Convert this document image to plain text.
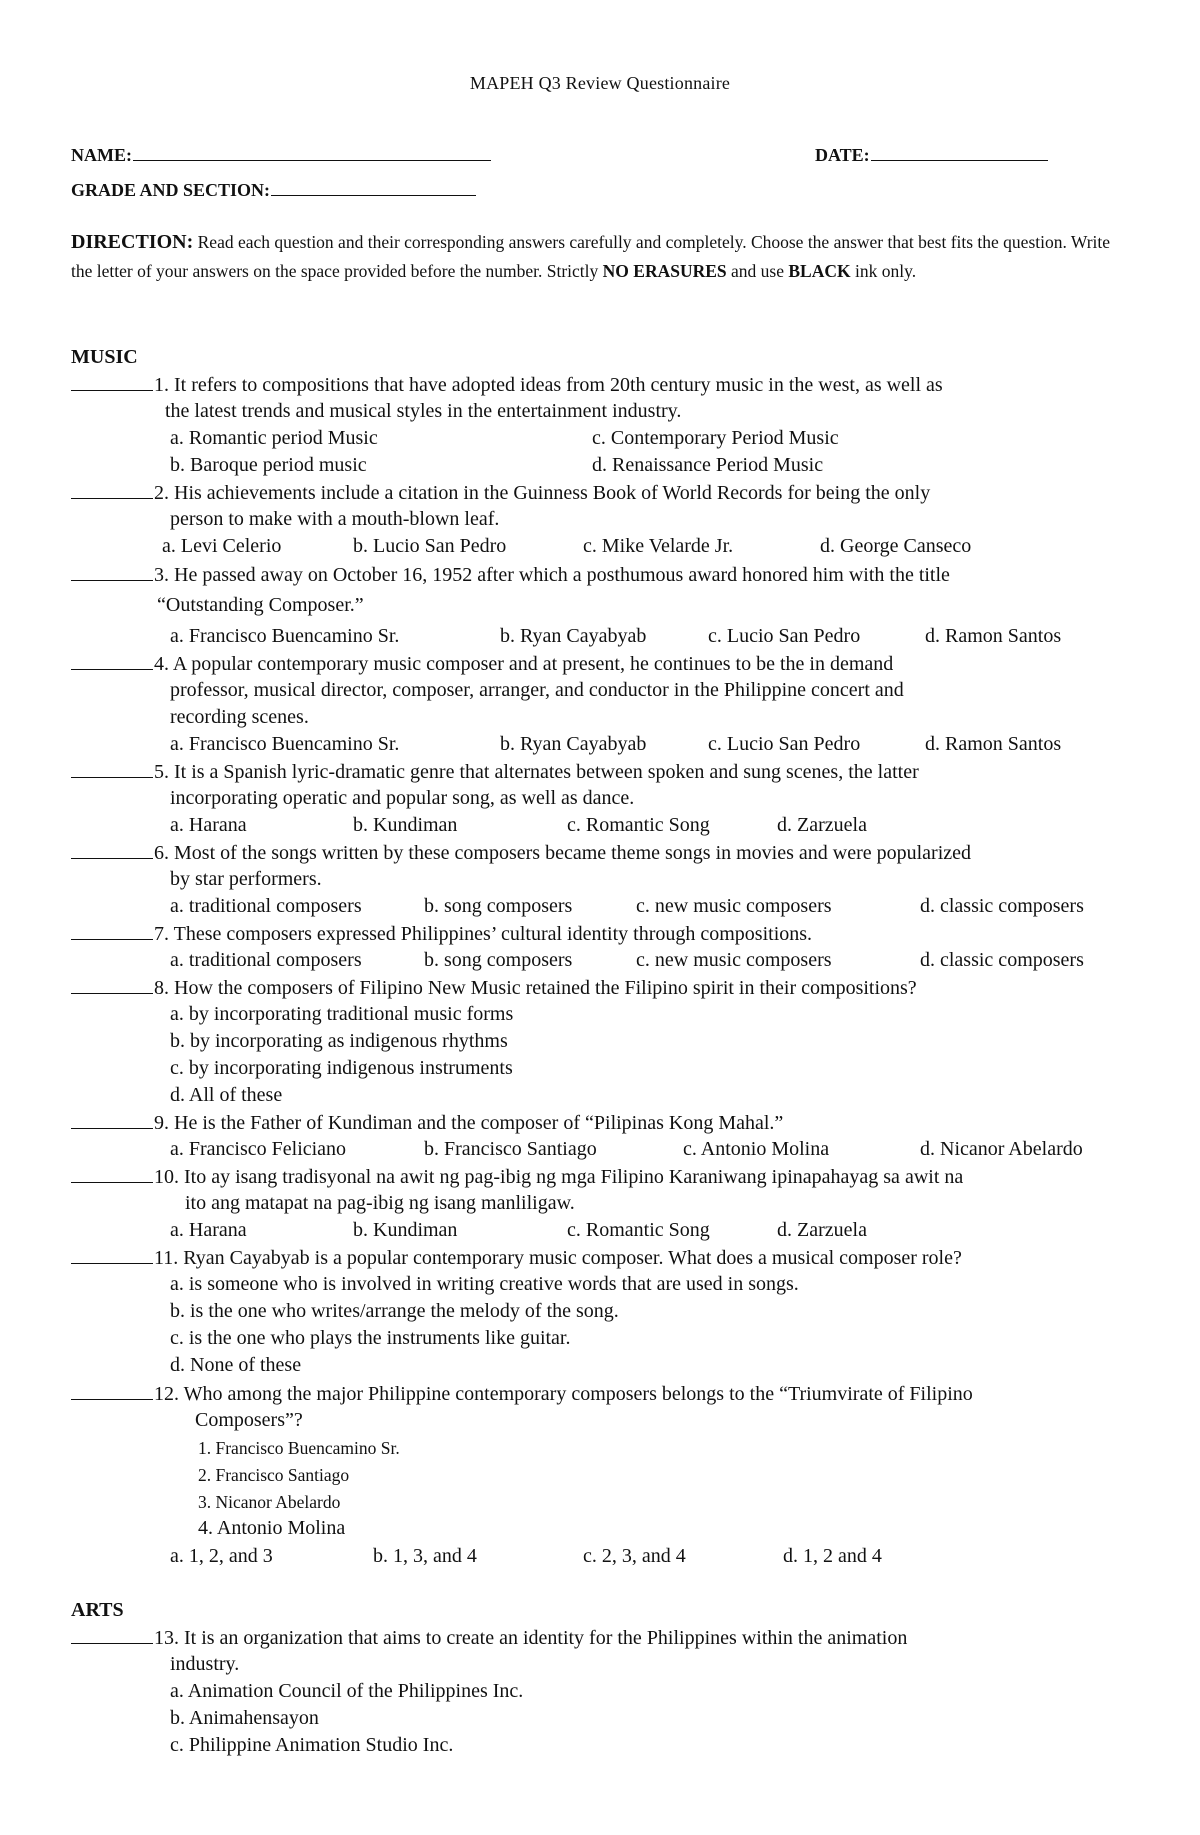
MAPEH Q3 Review Questionnaire
NAME:	DATE:
GRADE AND SECTION:
DIRECTION: Read each question and their corresponding answers carefully and completely. Choose the answer that best fits the question. Write the letter of your answers on the space provided before the number. Strictly NO ERASURES and use BLACK ink only.
MUSIC
1. It refers to compositions that have adopted ideas from 20th century music in the west, as well as
the latest trends and musical styles in the entertainment industry.
a. Romantic period Music	c. Contemporary Period Music
b. Baroque period music	d. Renaissance Period Music
2. His achievements include a citation in the Guinness Book of World Records for being the only
person to make with a mouth-blown leaf.
a. Levi Celerio	b. Lucio San Pedro	c. Mike Velarde Jr.	d. George Canseco
3. He passed away on October 16, 1952 after which a posthumous award honored him with the title
“Outstanding Composer.”
a. Francisco Buencamino Sr.	b. Ryan Cayabyab	c. Lucio San Pedro	d. Ramon Santos
4. A popular contemporary music composer and at present, he continues to be the in demand
professor, musical director, composer, arranger, and conductor in the Philippine concert and
recording scenes.
a. Francisco Buencamino Sr.	b. Ryan Cayabyab	c. Lucio San Pedro	d. Ramon Santos
5. It is a Spanish lyric-dramatic genre that alternates between spoken and sung scenes, the latter
incorporating operatic and popular song, as well as dance.
a. Harana	b. Kundiman	c. Romantic Song	d. Zarzuela
6. Most of the songs written by these composers became theme songs in movies and were popularized
by star performers.
a. traditional composers	b. song composers	c. new music composers	d. classic composers
7. These composers expressed Philippines’ cultural identity through compositions.
a. traditional composers	b. song composers	c. new music composers	d. classic composers
8. How the composers of Filipino New Music retained the Filipino spirit in their compositions?
a. by incorporating traditional music forms
b. by incorporating as indigenous rhythms
c. by incorporating indigenous instruments
d. All of these
9. He is the Father of Kundiman and the composer of “Pilipinas Kong Mahal.”
a. Francisco Feliciano	b. Francisco Santiago	c. Antonio Molina	d. Nicanor Abelardo
10. Ito ay isang tradisyonal na awit ng pag-ibig ng mga Filipino Karaniwang ipinapahayag sa awit na
ito ang matapat na pag-ibig ng isang manliligaw.
a. Harana	b. Kundiman	c. Romantic Song	d. Zarzuela
11. Ryan Cayabyab is a popular contemporary music composer. What does a musical composer role?
a. is someone who is involved in writing creative words that are used in songs.
b. is the one who writes/arrange the melody of the song.
c. is the one who plays the instruments like guitar.
d. None of these
12. Who among the major Philippine contemporary composers belongs to the “Triumvirate of Filipino
Composers”?
1. Francisco Buencamino Sr.
2. Francisco Santiago
3. Nicanor Abelardo
4. Antonio Molina
a. 1, 2, and 3	b. 1, 3, and 4	c. 2, 3, and 4	d. 1, 2 and 4
ARTS
13. It is an organization that aims to create an identity for the Philippines within the animation
industry.
a. Animation Council of the Philippines Inc.
b. Animahensayon
c. Philippine Animation Studio Inc.
